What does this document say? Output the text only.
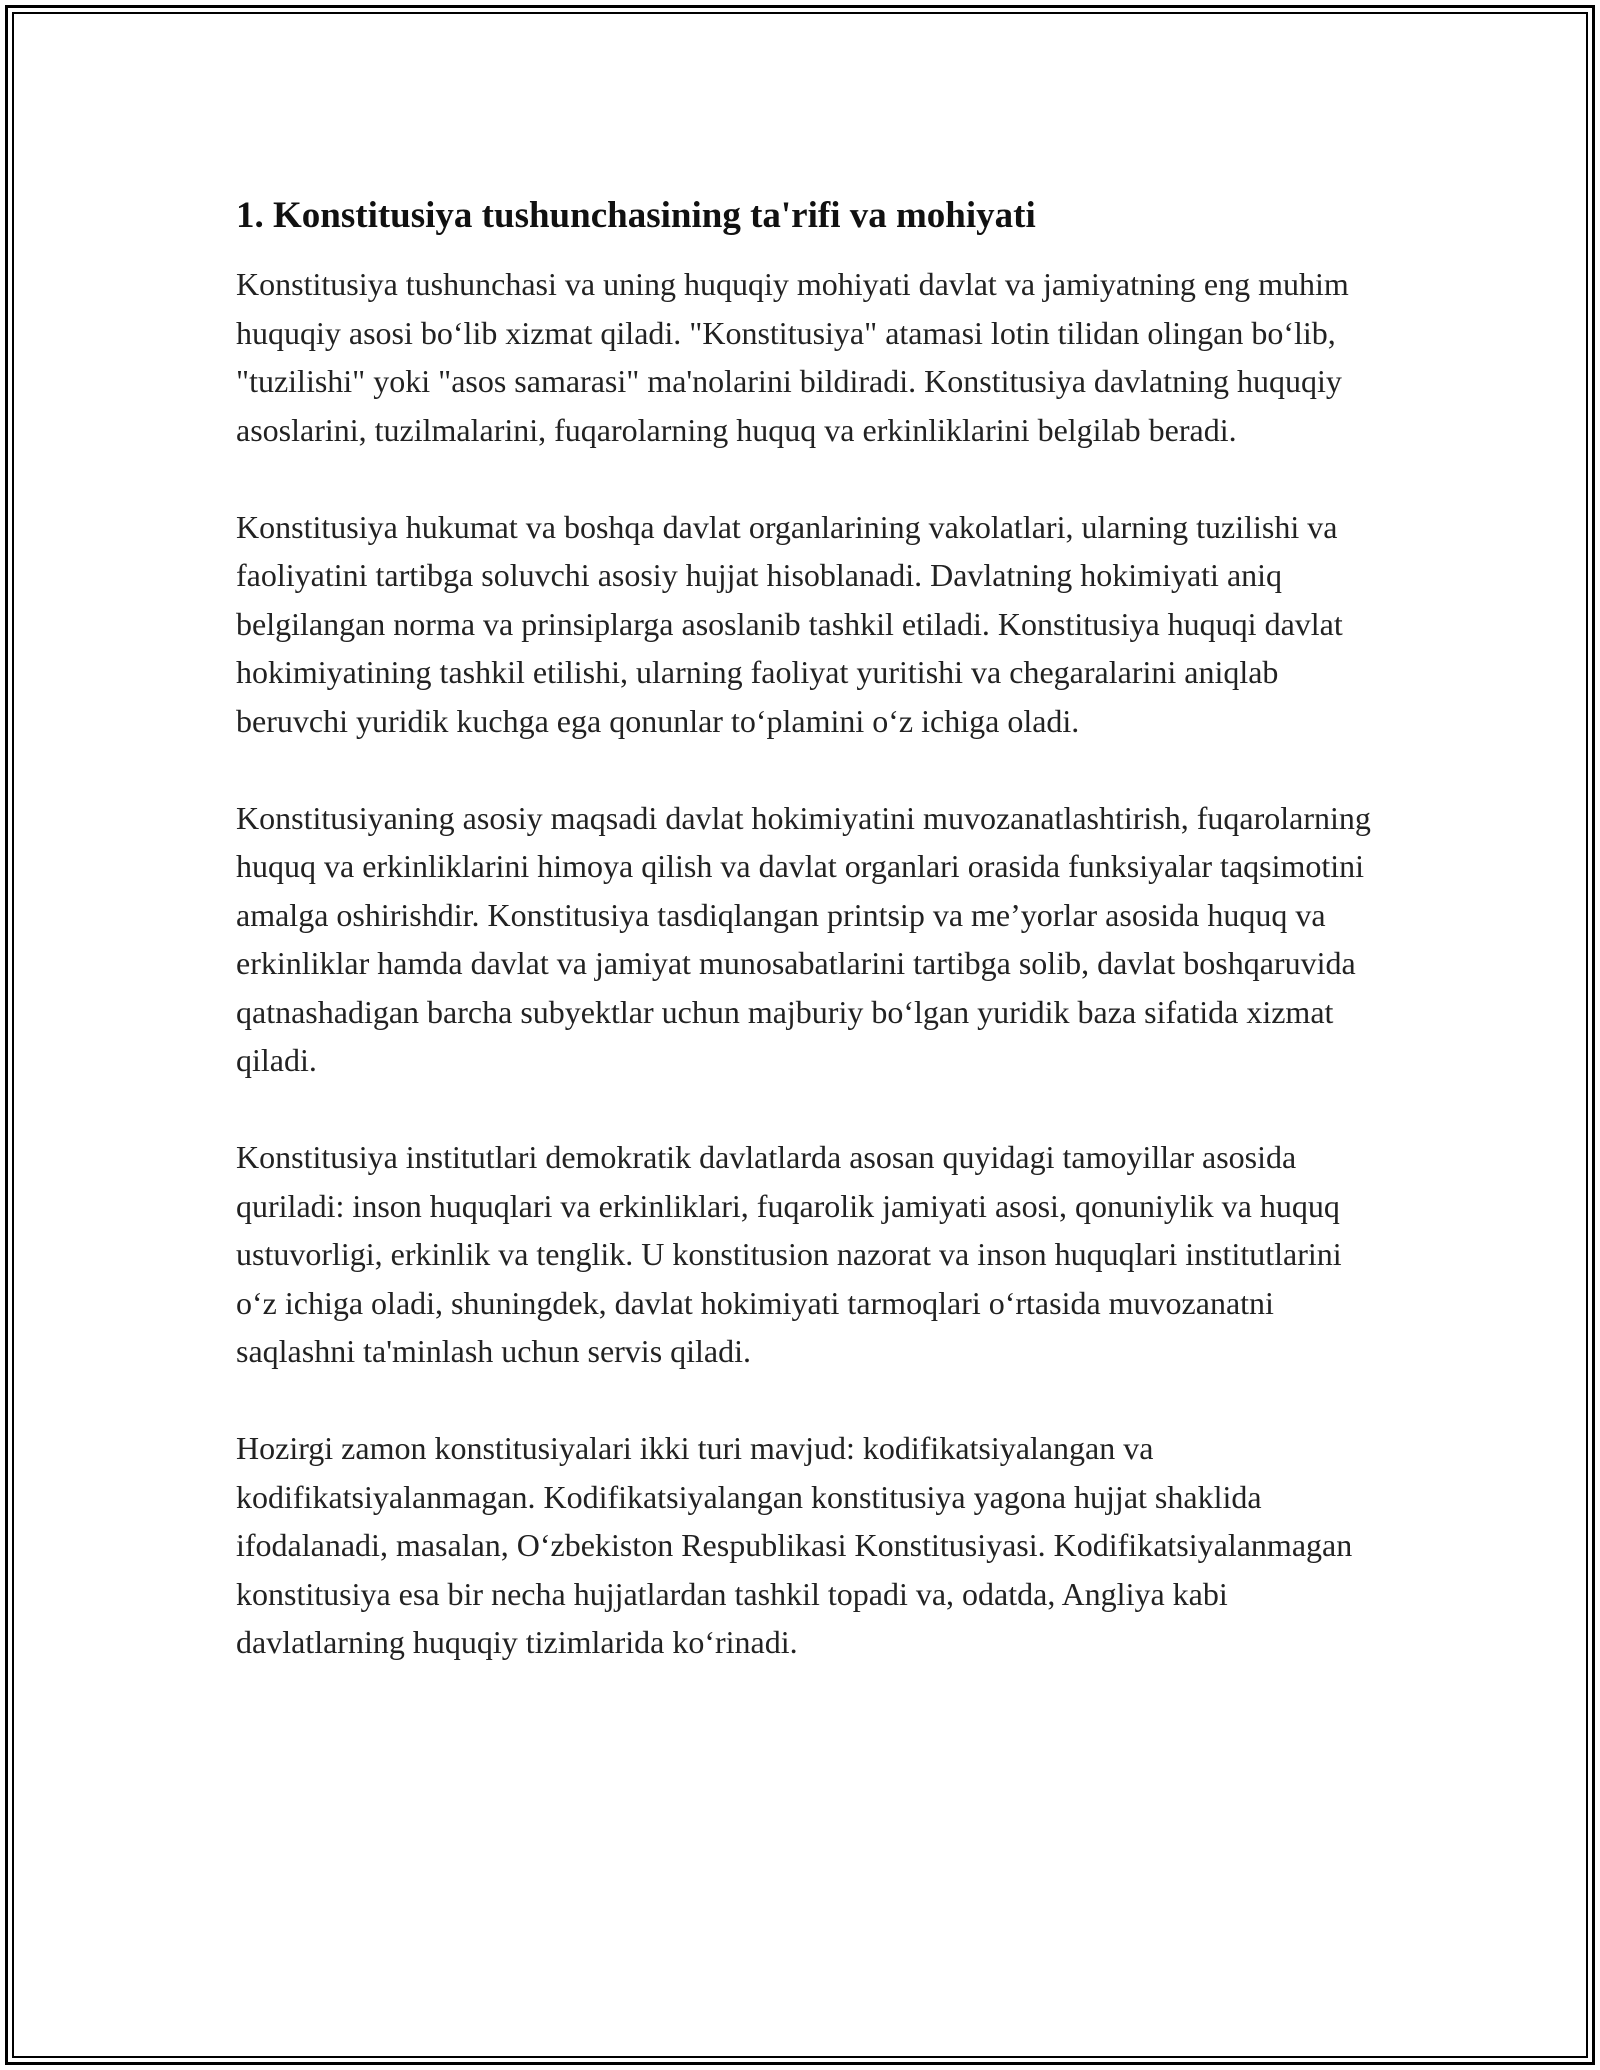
1. Konstitusiya tushunchasining ta'rifi va mohiyati

Konstitusiya tushunchasi va uning huquqiy mohiyati davlat va jamiyatning eng muhim huquqiy asosi bo‘lib xizmat qiladi. "Konstitusiya" atamasi lotin tilidan olingan bo‘lib, "tuzilishi" yoki "asos samarasi" ma'nolarini bildiradi. Konstitusiya davlatning huquqiy asoslarini, tuzilmalarini, fuqarolarning huquq va erkinliklarini belgilab beradi.

Konstitusiya hukumat va boshqa davlat organlarining vakolatlari, ularning tuzilishi va faoliyatini tartibga soluvchi asosiy hujjat hisoblanadi. Davlatning hokimiyati aniq belgilangan norma va prinsiplarga asoslanib tashkil etiladi. Konstitusiya huquqi davlat hokimiyatining tashkil etilishi, ularning faoliyat yuritishi va chegaralarini aniqlab beruvchi yuridik kuchga ega qonunlar to‘plamini o‘z ichiga oladi.

Konstitusiyaning asosiy maqsadi davlat hokimiyatini muvozanatlashtirish, fuqarolarning huquq va erkinliklarini himoya qilish va davlat organlari orasida funksiyalar taqsimotini amalga oshirishdir. Konstitusiya tasdiqlangan printsip va me’yorlar asosida huquq va erkinliklar hamda davlat va jamiyat munosabatlarini tartibga solib, davlat boshqaruvida qatnashadigan barcha subyektlar uchun majburiy bo‘lgan yuridik baza sifatida xizmat qiladi.

Konstitusiya institutlari demokratik davlatlarda asosan quyidagi tamoyillar asosida quriladi: inson huquqlari va erkinliklari, fuqarolik jamiyati asosi, qonuniylik va huquq ustuvorligi, erkinlik va tenglik. U konstitusion nazorat va inson huquqlari institutlarini o‘z ichiga oladi, shuningdek, davlat hokimiyati tarmoqlari o‘rtasida muvozanatni saqlashni ta'minlash uchun servis qiladi.

Hozirgi zamon konstitusiyalari ikki turi mavjud: kodifikatsiyalangan va kodifikatsiyalanmagan. Kodifikatsiyalangan konstitusiya yagona hujjat shaklida ifodalanadi, masalan, O‘zbekiston Respublikasi Konstitusiyasi. Kodifikatsiyalanmagan konstitusiya esa bir necha hujjatlardan tashkil topadi va, odatda, Angliya kabi davlatlarning huquqiy tizimlarida ko‘rinadi.
